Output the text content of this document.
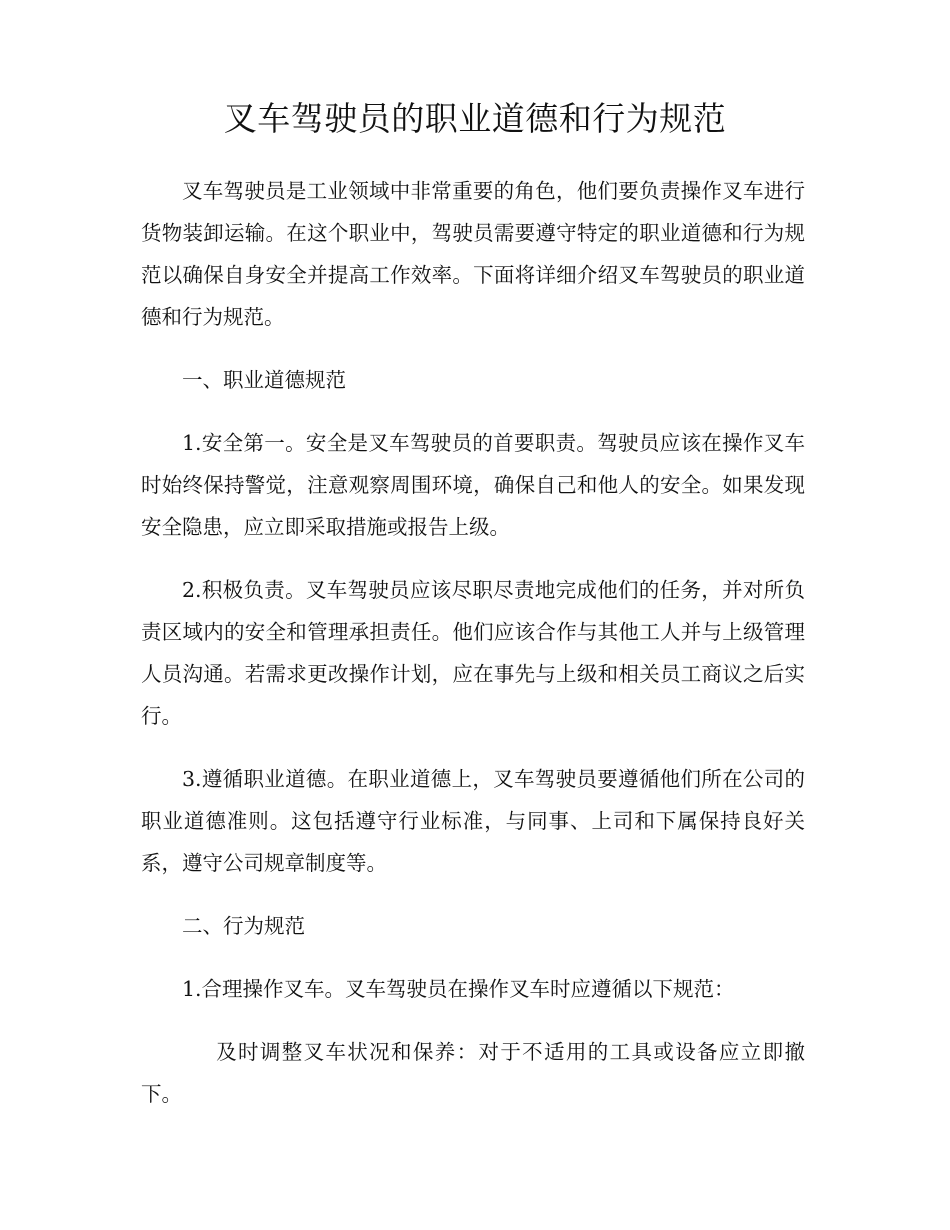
叉车驾驶员的职业道德和行为规范

叉车驾驶员是工业领域中非常重要的角色，他们要负责操作叉车进行货物装卸运输。在这个职业中，驾驶员需要遵守特定的职业道德和行为规范以确保自身安全并提高工作效率。下面将详细介绍叉车驾驶员的职业道德和行为规范。

一、职业道德规范

1.安全第一。安全是叉车驾驶员的首要职责。驾驶员应该在操作叉车时始终保持警觉，注意观察周围环境，确保自己和他人的安全。如果发现安全隐患，应立即采取措施或报告上级。

2.积极负责。叉车驾驶员应该尽职尽责地完成他们的任务，并对所负责区域内的安全和管理承担责任。他们应该合作与其他工人并与上级管理人员沟通。若需求更改操作计划，应在事先与上级和相关员工商议之后实行。

3.遵循职业道德。在职业道德上，叉车驾驶员要遵循他们所在公司的职业道德准则。这包括遵守行业标准，与同事、上司和下属保持良好关系，遵守公司规章制度等。

二、行为规范

1.合理操作叉车。叉车驾驶员在操作叉车时应遵循以下规范：

及时调整叉车状况和保养：对于不适用的工具或设备应立即撤下。
